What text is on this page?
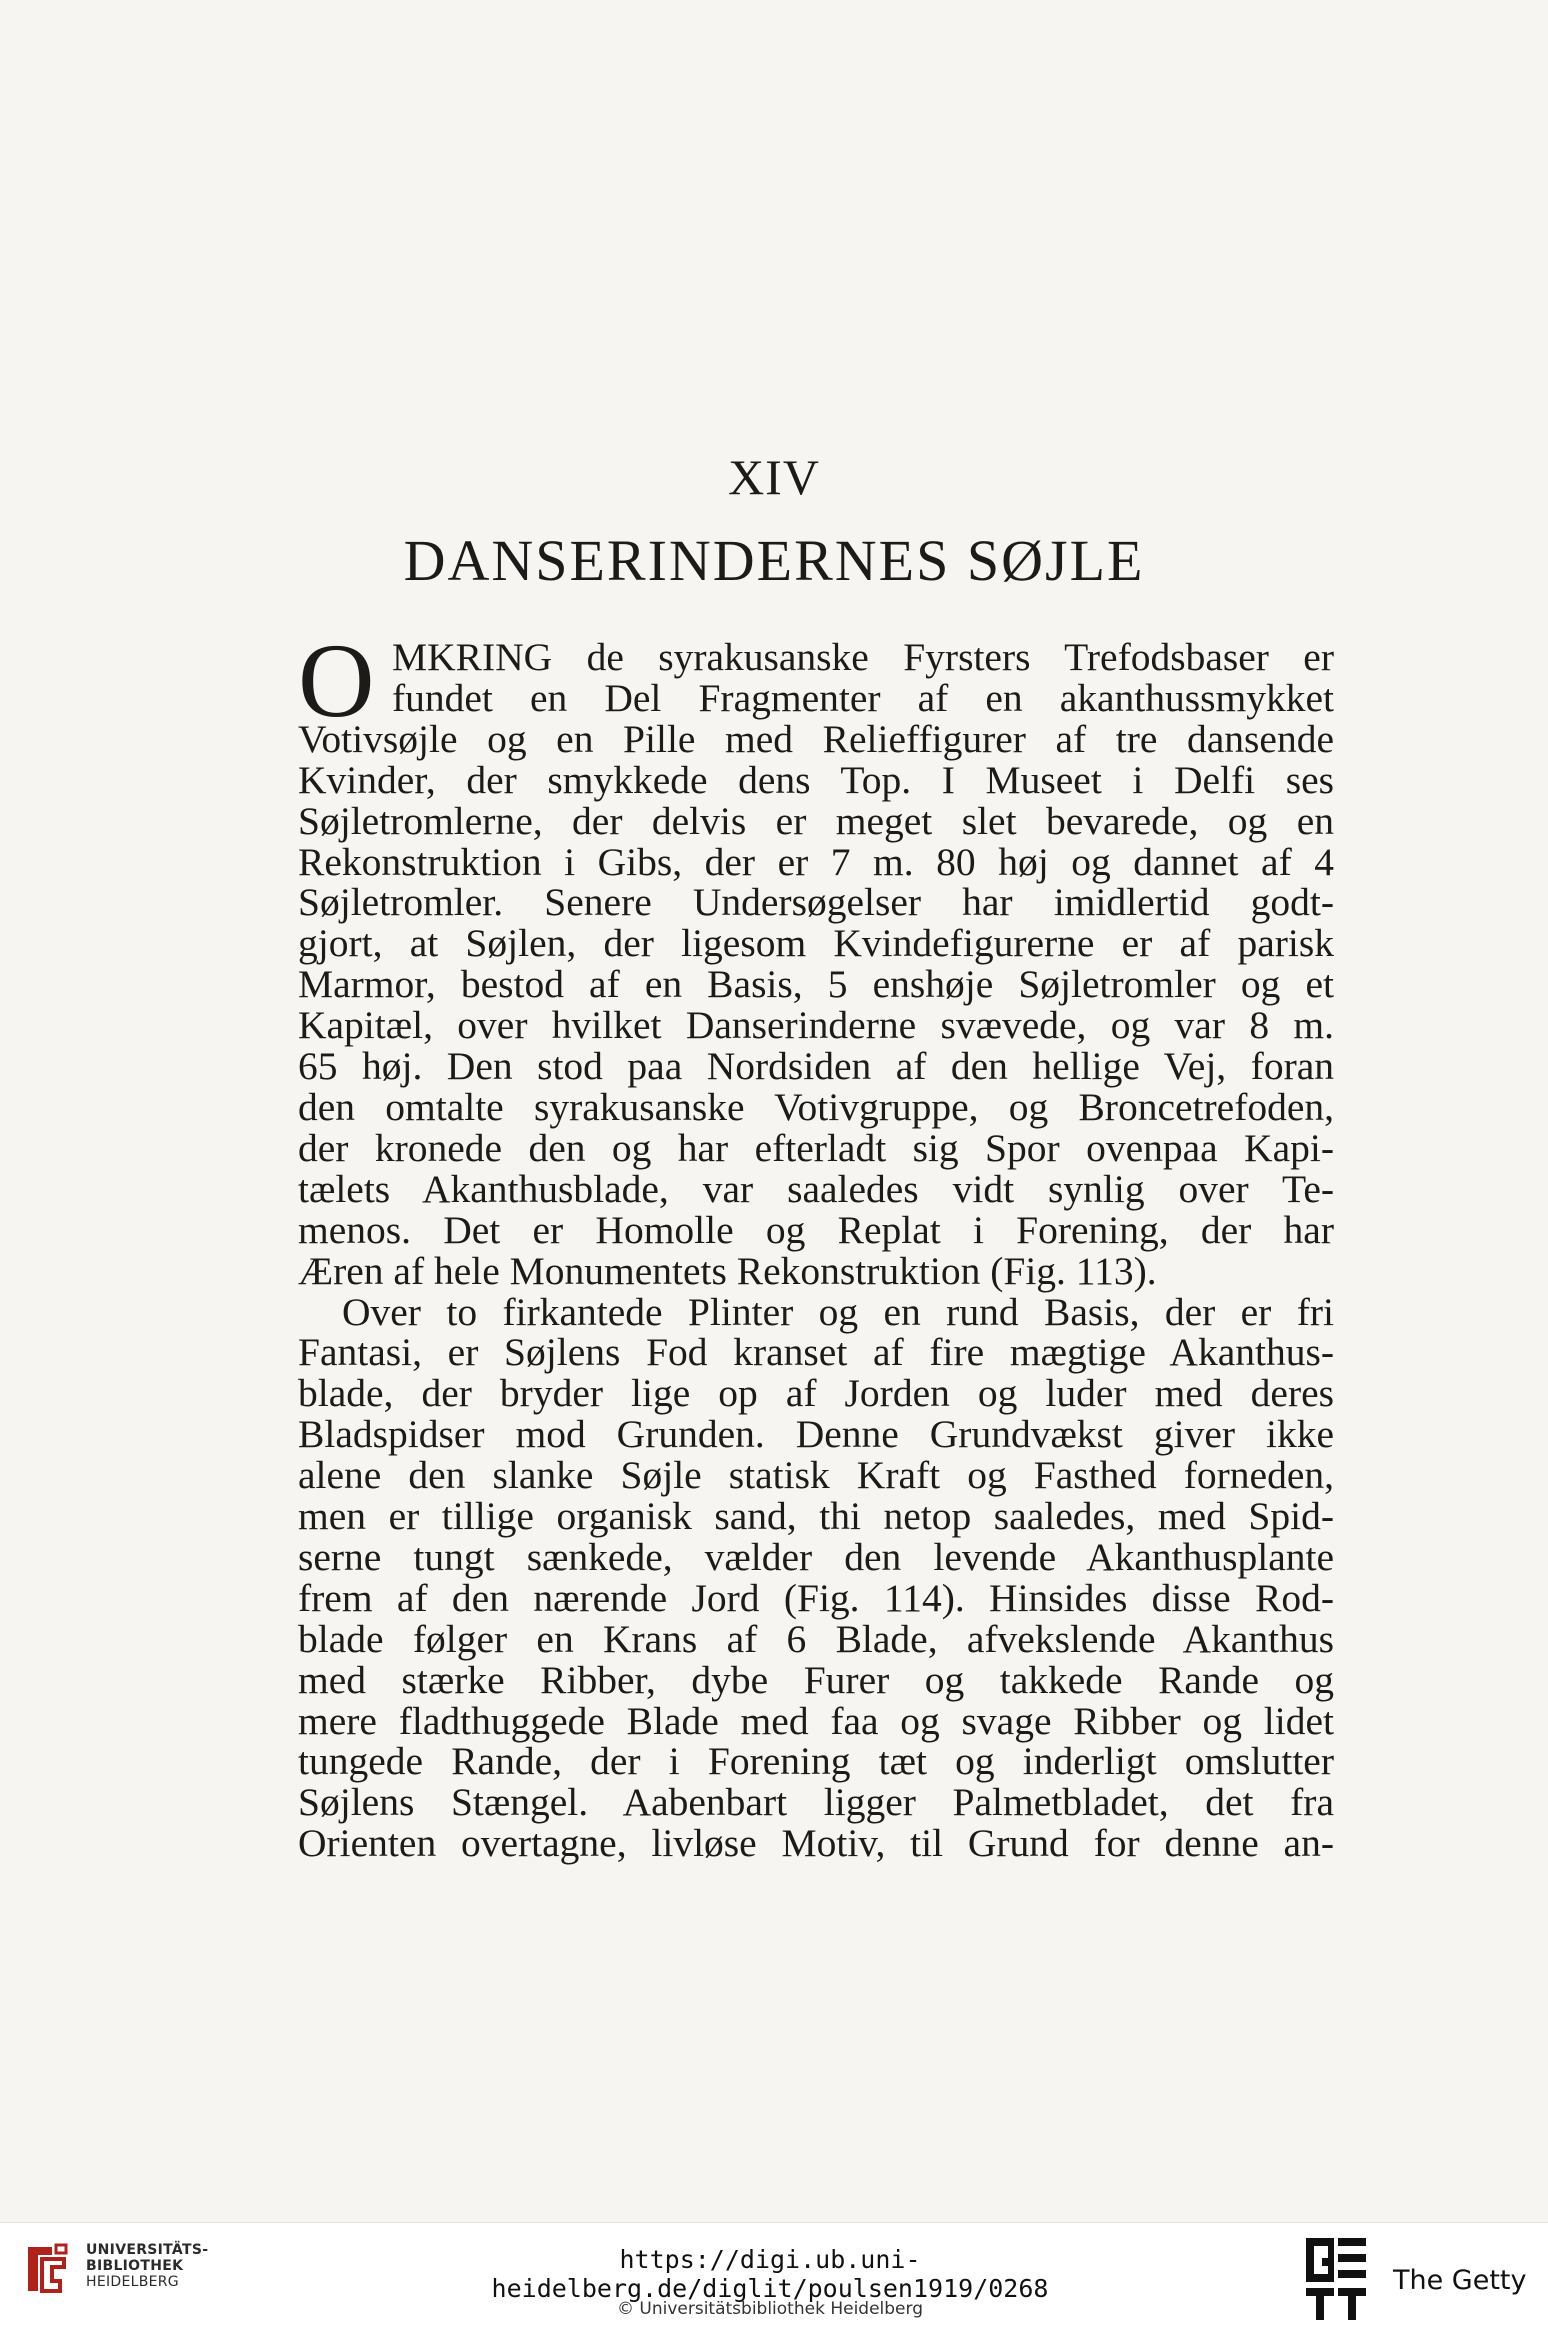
XIV
DANSERINDERNES SØJLE
O MKRING de syrakusanske Fyrsters Trefodsbaser er
fundet en Del Fragmenter af en akanthussmykket
Votivsøjle og en Pille med Relieffigurer af tre dansende
Kvinder, der smykkede dens Top. I Museet i Delfi ses
Søjletromlerne, der delvis er meget slet bevarede, og en
Rekonstruktion i Gibs, der er 7 m. 80 høj og dannet af 4
Søjletromler. Senere Undersøgelser har imidlertid godt-
gjort, at Søjlen, der ligesom Kvindefigurerne er af parisk
Marmor, bestod af en Basis, 5 enshøje Søjletromler og et
Kapitæl, over hvilket Danserinderne svævede, og var 8 m.
65 høj. Den stod paa Nordsiden af den hellige Vej, foran
den omtalte syrakusanske Votivgruppe, og Broncetrefoden,
der kronede den og har efterladt sig Spor ovenpaa Kapi-
tælets Akanthusblade, var saaledes vidt synlig over Te-
menos. Det er Homolle og Replat i Forening, der har
Æren af hele Monumentets Rekonstruktion (Fig. 113).
Over to firkantede Plinter og en rund Basis, der er fri
Fantasi, er Søjlens Fod kranset af fire mægtige Akanthus-
blade, der bryder lige op af Jorden og luder med deres
Bladspidser mod Grunden. Denne Grundvækst giver ikke
alene den slanke Søjle statisk Kraft og Fasthed forneden,
men er tillige organisk sand, thi netop saaledes, med Spid-
serne tungt sænkede, vælder den levende Akanthusplante
frem af den nærende Jord (Fig. 114). Hinsides disse Rod-
blade følger en Krans af 6 Blade, afvekslende Akanthus
med stærke Ribber, dybe Furer og takkede Rande og
mere fladthuggede Blade med faa og svage Ribber og lidet
tungede Rande, der i Forening tæt og inderligt omslutter
Søjlens Stængel. Aabenbart ligger Palmetbladet, det fra
Orienten overtagne, livløse Motiv, til Grund for denne an-
UNIVERSITÄTS-
BIBLIOTHEK
HEIDELBERG
https://digi.ub.uni-heidelberg.de/diglit/poulsen1919/0268
© Universitätsbibliothek Heidelberg
The Getty
